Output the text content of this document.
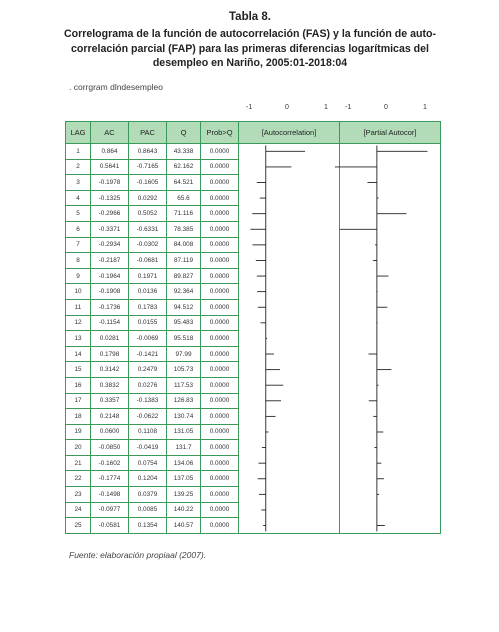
Tabla 8.
Correlograma de la función de autocorrelación (FAS) y la función de auto-
correlación parcial (FAP) para las primeras diferencias logarítmicas del
desempleo en Nariño, 2005:01-2018:04
. corrgram dlndesempleo
-1	0	1 -1	0	1
LAG	AC	PAC	Q	Prob>Q	[Autocorrelation]	[Partial Autocor]
1	0.864	0.8643	43.338	0.0000		
2	0.5641	-0.7165	62.162	0.0000		
3	-0.1978	-0.1605	64.521	0.0000		
4	-0.1325	0.0292	65.6	0.0000		
5	-0.2966	0.5052	71.116	0.0000		
6	-0.3371	-0.6331	78.385	0.0000		
7	-0.2934	-0.0302	84.008	0.0000		
8	-0.2187	-0.0681	87.119	0.0000		
9	-0.1964	0.1971	89.827	0.0000		
10	-0.1908	0.0136	92.364	0.0000		
11	-0.1736	0.1783	94.512	0.0000		
12	-0.1154	0.0155	95.483	0.0000		
13	0.0281	-0.0069	95.518	0.0000		
14	0.1798	-0.1421	97.99	0.0000		
15	0.3142	0.2479	105.73	0.0000		
16	0.3832	0.0276	117.53	0.0000		
17	0.3357	-0.1383	126.83	0.0000		
18	0.2148	-0.0622	130.74	0.0000		
19	0.0600	0.1108	131.05	0.0000		
20	-0.0850	-0.0419	131.7	0.0000		
21	-0.1602	0.0754	134.06	0.0000		
22	-0.1774	0.1204	137.05	0.0000		
23	-0.1498	0.0379	139.25	0.0000		
24	-0.0977	0.0085	140.22	0.0000		
25	-0.0581	0.1354	140.57	0.0000		
Fuente: elaboración propiaal (2007).
